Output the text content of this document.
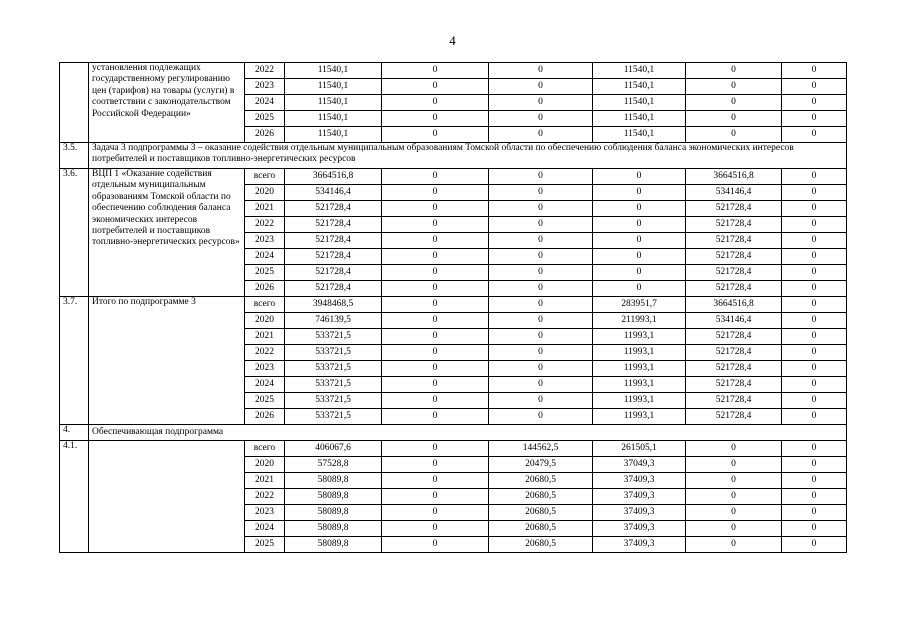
4
	установления подлежащих государственному регулированию цен (тарифов) на товары (услуги) в соответствии с законодательством Российской Федерации»	2022	11540,1	0	0	11540,1	0	0
		2023	11540,1	0	0	11540,1	0	0
		2024	11540,1	0	0	11540,1	0	0
		2025	11540,1	0	0	11540,1	0	0
		2026	11540,1	0	0	11540,1	0	0
3.5.	Задача 3 подпрограммы 3 – оказание содействия отдельным муниципальным образованиям Томской области по обеспечению соблюдения баланса экономических интересов потребителей и поставщиков топливно-энергетических ресурсов							
3.6.	ВЦП 1 «Оказание содействия отдельным муниципальным образованиям Томской области по обеспечению соблюдения баланса экономических интересов потребителей и поставщиков топливно-энергетических ресурсов»	всего	3664516,8	0	0	0	3664516,8	0
		2020	534146,4	0	0	0	534146,4	0
		2021	521728,4	0	0	0	521728,4	0
		2022	521728,4	0	0	0	521728,4	0
		2023	521728,4	0	0	0	521728,4	0
		2024	521728,4	0	0	0	521728,4	0
		2025	521728,4	0	0	0	521728,4	0
		2026	521728,4	0	0	0	521728,4	0
3.7.	Итого по подпрограмме 3	всего	3948468,5	0	0	283951,7	3664516,8	0
		2020	746139,5	0	0	211993,1	534146,4	0
		2021	533721,5	0	0	11993,1	521728,4	0
		2022	533721,5	0	0	11993,1	521728,4	0
		2023	533721,5	0	0	11993,1	521728,4	0
		2024	533721,5	0	0	11993,1	521728,4	0
		2025	533721,5	0	0	11993,1	521728,4	0
		2026	533721,5	0	0	11993,1	521728,4	0
4.	Обеспечивающая подпрограмма							
4.1.		всего	406067,6	0	144562,5	261505,1	0	0
		2020	57528,8	0	20479,5	37049,3	0	0
		2021	58089,8	0	20680,5	37409,3	0	0
		2022	58089,8	0	20680,5	37409,3	0	0
		2023	58089,8	0	20680,5	37409,3	0	0
		2024	58089,8	0	20680,5	37409,3	0	0
		2025	58089,8	0	20680,5	37409,3	0	0
